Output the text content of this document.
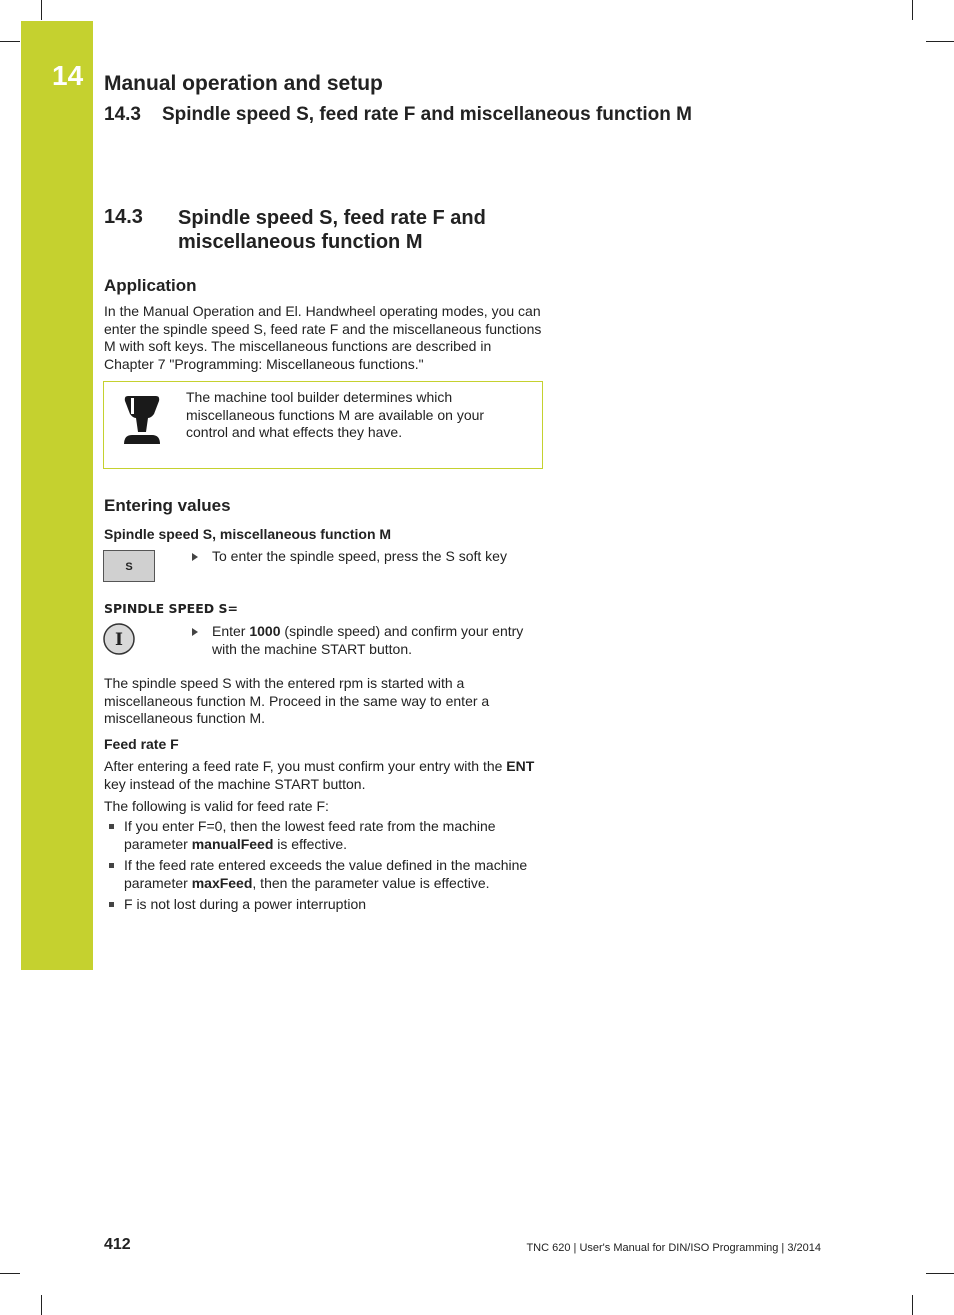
14 Manual operation and setup
14.3 Spindle speed S, feed rate F and miscellaneous function M
14.3 Spindle speed S, feed rate F and miscellaneous function M
Application
In the Manual Operation and El. Handwheel operating modes, you can enter the spindle speed S, feed rate F and the miscellaneous functions M with soft keys. The miscellaneous functions are described in Chapter 7 "Programming: Miscellaneous functions."
The machine tool builder determines which miscellaneous functions M are available on your control and what effects they have.
Entering values
Spindle speed S, miscellaneous function M
S
To enter the spindle speed, press the S soft key
SPINDLE SPEED S=
I	Enter 1000 (spindle speed) and confirm your entry with the machine START button.
The spindle speed S with the entered rpm is started with a miscellaneous function M. Proceed in the same way to enter a miscellaneous function M.
Feed rate F
After entering a feed rate F, you must confirm your entry with the ENT key instead of the machine START button.
The following is valid for feed rate F:
If you enter F=0, then the lowest feed rate from the machine parameter manualFeed is effective.
If the feed rate entered exceeds the value defined in the machine parameter maxFeed, then the parameter value is effective.
F is not lost during a power interruption
412	TNC 620 | User's Manual for DIN/ISO Programming | 3/2014
